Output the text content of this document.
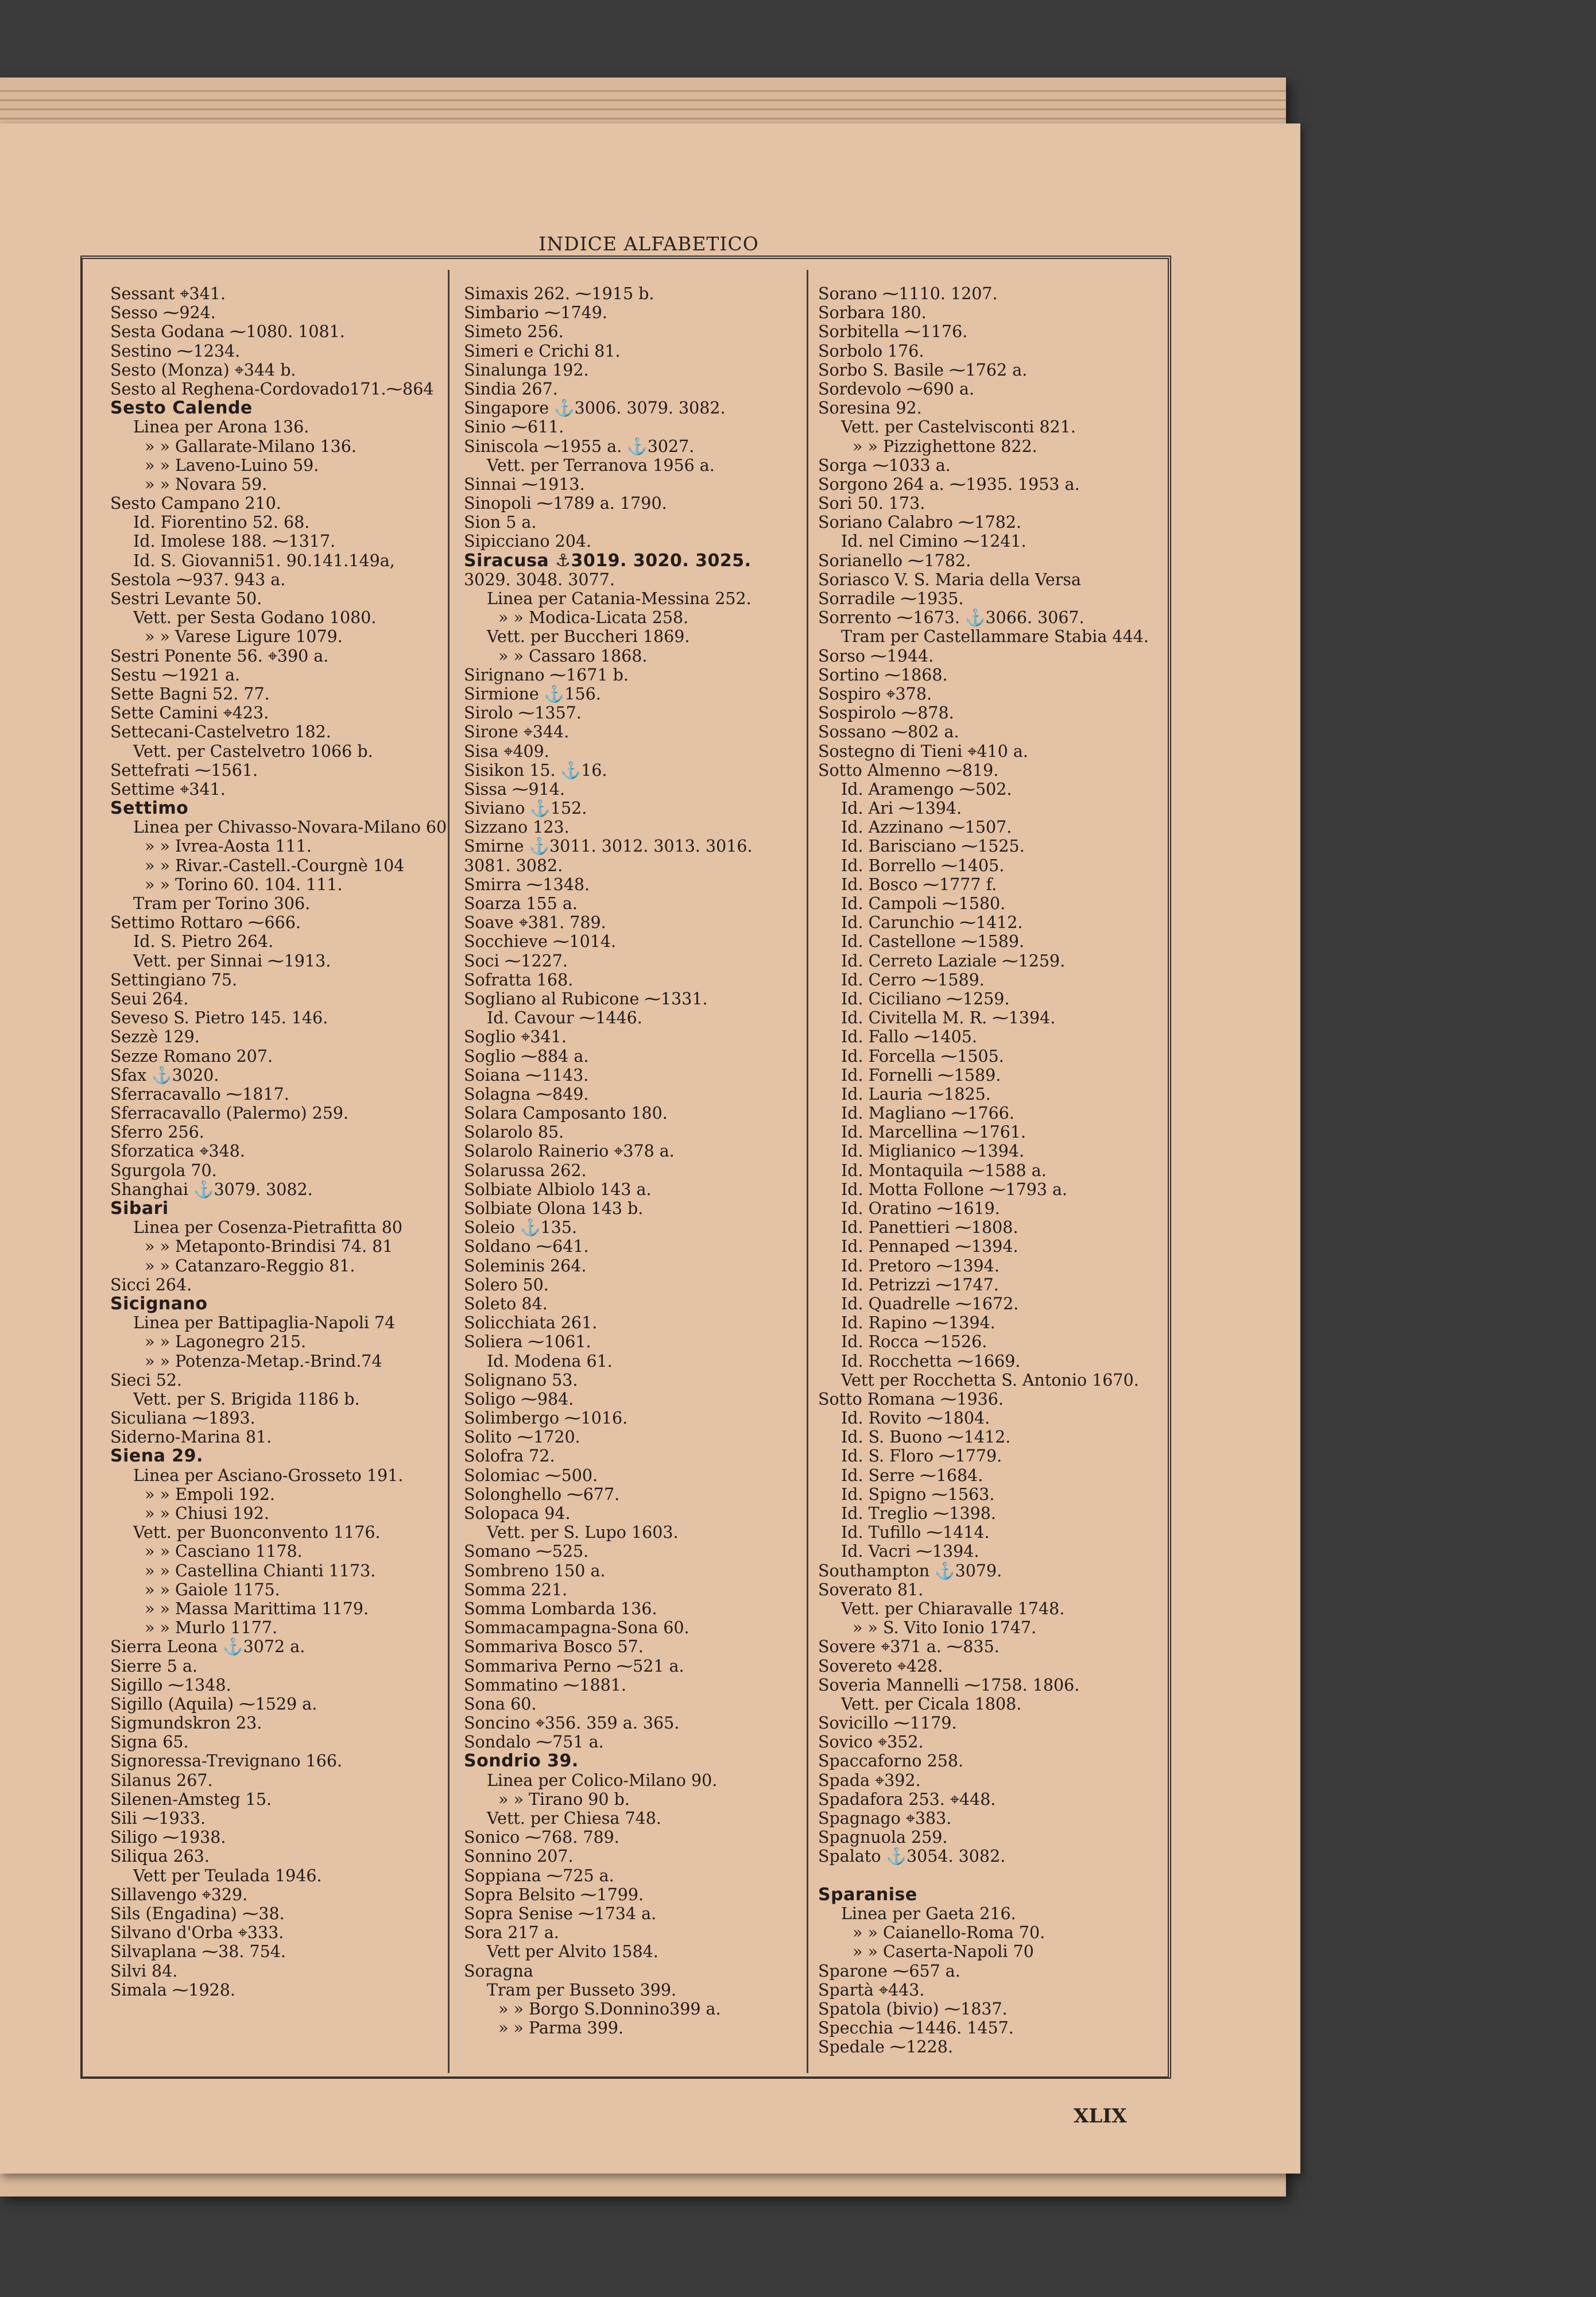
INDICE ALFABETICO
Sessant ⌖341.
Sesso ⁓924.
Sesta Godana ⁓1080. 1081.
Sestino ⁓1234.
Sesto (Monza) ⌖344 b.
Sesto al Reghena-Cordovado171.⁓864
Sesto Calende
Linea per Arona 136.
» » Gallarate-Milano 136.
» » Laveno-Luino 59.
» » Novara 59.
Sesto Campano 210.
Id. Fiorentino 52. 68.
Id. Imolese 188. ⁓1317.
Id. S. Giovanni51. 90.141.149a,
Sestola ⁓937. 943 a.
Sestri Levante 50.
Vett. per Sesta Godano 1080.
» » Varese Ligure 1079.
Sestri Ponente 56. ⌖390 a.
Sestu ⁓1921 a.
Sette Bagni 52. 77.
Sette Camini ⌖423.
Settecani-Castelvetro 182.
Vett. per Castelvetro 1066 b.
Settefrati ⁓1561.
Settime ⌖341.
Settimo
Linea per Chivasso-Novara-Milano 60
» » Ivrea-Aosta 111.
» » Rivar.-Castell.-Courgnè 104
» » Torino 60. 104. 111.
Tram per Torino 306.
Settimo Rottaro ⁓666.
Id. S. Pietro 264.
Vett. per Sinnai ⁓1913.
Settingiano 75.
Seui 264.
Seveso S. Pietro 145. 146.
Sezzè 129.
Sezze Romano 207.
Sfax ⚓3020.
Sferracavallo ⁓1817.
Sferracavallo (Palermo) 259.
Sferro 256.
Sforzatica ⌖348.
Sgurgola 70.
Shanghai ⚓3079. 3082.
Sibari
Linea per Cosenza-Pietrafitta 80
» » Metaponto-Brindisi 74. 81
» » Catanzaro-Reggio 81.
Sicci 264.
Sicignano
Linea per Battipaglia-Napoli 74
» » Lagonegro 215.
» » Potenza-Metap.-Brind.74
Sieci 52.
Vett. per S. Brigida 1186 b.
Siculiana ⁓1893.
Siderno-Marina 81.
Siena 29.
Linea per Asciano-Grosseto 191.
» » Empoli 192.
» » Chiusi 192.
Vett. per Buonconvento 1176.
» » Casciano 1178.
» » Castellina Chianti 1173.
» » Gaiole 1175.
» » Massa Marittima 1179.
» » Murlo 1177.
Sierra Leona ⚓3072 a.
Sierre 5 a.
Sigillo ⁓1348.
Sigillo (Aquila) ⁓1529 a.
Sigmundskron 23.
Signa 65.
Signoressa-Trevignano 166.
Silanus 267.
Silenen-Amsteg 15.
Sili ⁓1933.
Siligo ⁓1938.
Siliqua 263.
Vett per Teulada 1946.
Sillavengo ⌖329.
Sils (Engadina) ⁓38.
Silvano d'Orba ⌖333.
Silvaplana ⁓38. 754.
Silvi 84.
Simala ⁓1928.
Simaxis 262. ⁓1915 b.
Simbario ⁓1749.
Simeto 256.
Simeri e Crichi 81.
Sinalunga 192.
Sindia 267.
Singapore ⚓3006. 3079. 3082.
Sinio ⁓611.
Siniscola ⁓1955 a. ⚓3027.
Vett. per Terranova 1956 a.
Sinnai ⁓1913.
Sinopoli ⁓1789 a. 1790.
Sion 5 a.
Sipicciano 204.
Siracusa ⚓3019. 3020. 3025.
3029. 3048. 3077.
Linea per Catania-Messina 252.
» » Modica-Licata 258.
Vett. per Buccheri 1869.
» » Cassaro 1868.
Sirignano ⁓1671 b.
Sirmione ⚓156.
Sirolo ⁓1357.
Sirone ⌖344.
Sisa ⌖409.
Sisikon 15. ⚓16.
Sissa ⁓914.
Siviano ⚓152.
Sizzano 123.
Smirne ⚓3011. 3012. 3013. 3016.
3081. 3082.
Smirra ⁓1348.
Soarza 155 a.
Soave ⌖381. 789.
Socchieve ⁓1014.
Soci ⁓1227.
Sofratta 168.
Sogliano al Rubicone ⁓1331.
Id. Cavour ⁓1446.
Soglio ⌖341.
Soglio ⁓884 a.
Soiana ⁓1143.
Solagna ⁓849.
Solara Camposanto 180.
Solarolo 85.
Solarolo Rainerio ⌖378 a.
Solarussa 262.
Solbiate Albiolo 143 a.
Solbiate Olona 143 b.
Soleio ⚓135.
Soldano ⁓641.
Soleminis 264.
Solero 50.
Soleto 84.
Solicchiata 261.
Soliera ⁓1061.
Id. Modena 61.
Solignano 53.
Soligo ⁓984.
Solimbergo ⁓1016.
Solito ⁓1720.
Solofra 72.
Solomiac ⁓500.
Solonghello ⁓677.
Solopaca 94.
Vett. per S. Lupo 1603.
Somano ⁓525.
Sombreno 150 a.
Somma 221.
Somma Lombarda 136.
Sommacampagna-Sona 60.
Sommariva Bosco 57.
Sommariva Perno ⁓521 a.
Sommatino ⁓1881.
Sona 60.
Soncino ⌖356. 359 a. 365.
Sondalo ⁓751 a.
Sondrio 39.
Linea per Colico-Milano 90.
» » Tirano 90 b.
Vett. per Chiesa 748.
Sonico ⁓768. 789.
Sonnino 207.
Soppiana ⁓725 a.
Sopra Belsito ⁓1799.
Sopra Senise ⁓1734 a.
Sora 217 a.
Vett per Alvito 1584.
Soragna
Tram per Busseto 399.
» » Borgo S.Donnino399 a.
» » Parma 399.
Sorano ⁓1110. 1207.
Sorbara 180.
Sorbitella ⁓1176.
Sorbolo 176.
Sorbo S. Basile ⁓1762 a.
Sordevolo ⁓690 a.
Soresina 92.
Vett. per Castelvisconti 821.
» » Pizzighettone 822.
Sorga ⁓1033 a.
Sorgono 264 a. ⁓1935. 1953 a.
Sori 50. 173.
Soriano Calabro ⁓1782.
Id. nel Cimino ⁓1241.
Sorianello ⁓1782.
Soriasco V. S. Maria della Versa
Sorradile ⁓1935.
Sorrento ⁓1673. ⚓3066. 3067.
Tram per Castellammare Stabia 444.
Sorso ⁓1944.
Sortino ⁓1868.
Sospiro ⌖378.
Sospirolo ⁓878.
Sossano ⁓802 a.
Sostegno di Tieni ⌖410 a.
Sotto Almenno ⁓819.
Id. Aramengo ⁓502.
Id. Ari ⁓1394.
Id. Azzinano ⁓1507.
Id. Barisciano ⁓1525.
Id. Borrello ⁓1405.
Id. Bosco ⁓1777 f.
Id. Campoli ⁓1580.
Id. Carunchio ⁓1412.
Id. Castellone ⁓1589.
Id. Cerreto Laziale ⁓1259.
Id. Cerro ⁓1589.
Id. Ciciliano ⁓1259.
Id. Civitella M. R. ⁓1394.
Id. Fallo ⁓1405.
Id. Forcella ⁓1505.
Id. Fornelli ⁓1589.
Id. Lauria ⁓1825.
Id. Magliano ⁓1766.
Id. Marcellina ⁓1761.
Id. Miglianico ⁓1394.
Id. Montaquila ⁓1588 a.
Id. Motta Follone ⁓1793 a.
Id. Oratino ⁓1619.
Id. Panettieri ⁓1808.
Id. Pennaped ⁓1394.
Id. Pretoro ⁓1394.
Id. Petrizzi ⁓1747.
Id. Quadrelle ⁓1672.
Id. Rapino ⁓1394.
Id. Rocca ⁓1526.
Id. Rocchetta ⁓1669.
Vett per Rocchetta S. Antonio 1670.
Sotto Romana ⁓1936.
Id. Rovito ⁓1804.
Id. S. Buono ⁓1412.
Id. S. Floro ⁓1779.
Id. Serre ⁓1684.
Id. Spigno ⁓1563.
Id. Treglio ⁓1398.
Id. Tufillo ⁓1414.
Id. Vacri ⁓1394.
Southampton ⚓3079.
Soverato 81.
Vett. per Chiaravalle 1748.
» » S. Vito Ionio 1747.
Sovere ⌖371 a. ⁓835.
Sovereto ⌖428.
Soveria Mannelli ⁓1758. 1806.
Vett. per Cicala 1808.
Sovicillo ⁓1179.
Sovico ⌖352.
Spaccaforno 258.
Spada ⌖392.
Spadafora 253. ⌖448.
Spagnago ⌖383.
Spagnuola 259.
Spalato ⚓3054. 3082.
Sparanise
Linea per Gaeta 216.
» » Caianello-Roma 70.
» » Caserta-Napoli 70
Sparone ⁓657 a.
Spartà ⌖443.
Spatola (bivio) ⁓1837.
Specchia ⁓1446. 1457.
Spedale ⁓1228.
XLIX
